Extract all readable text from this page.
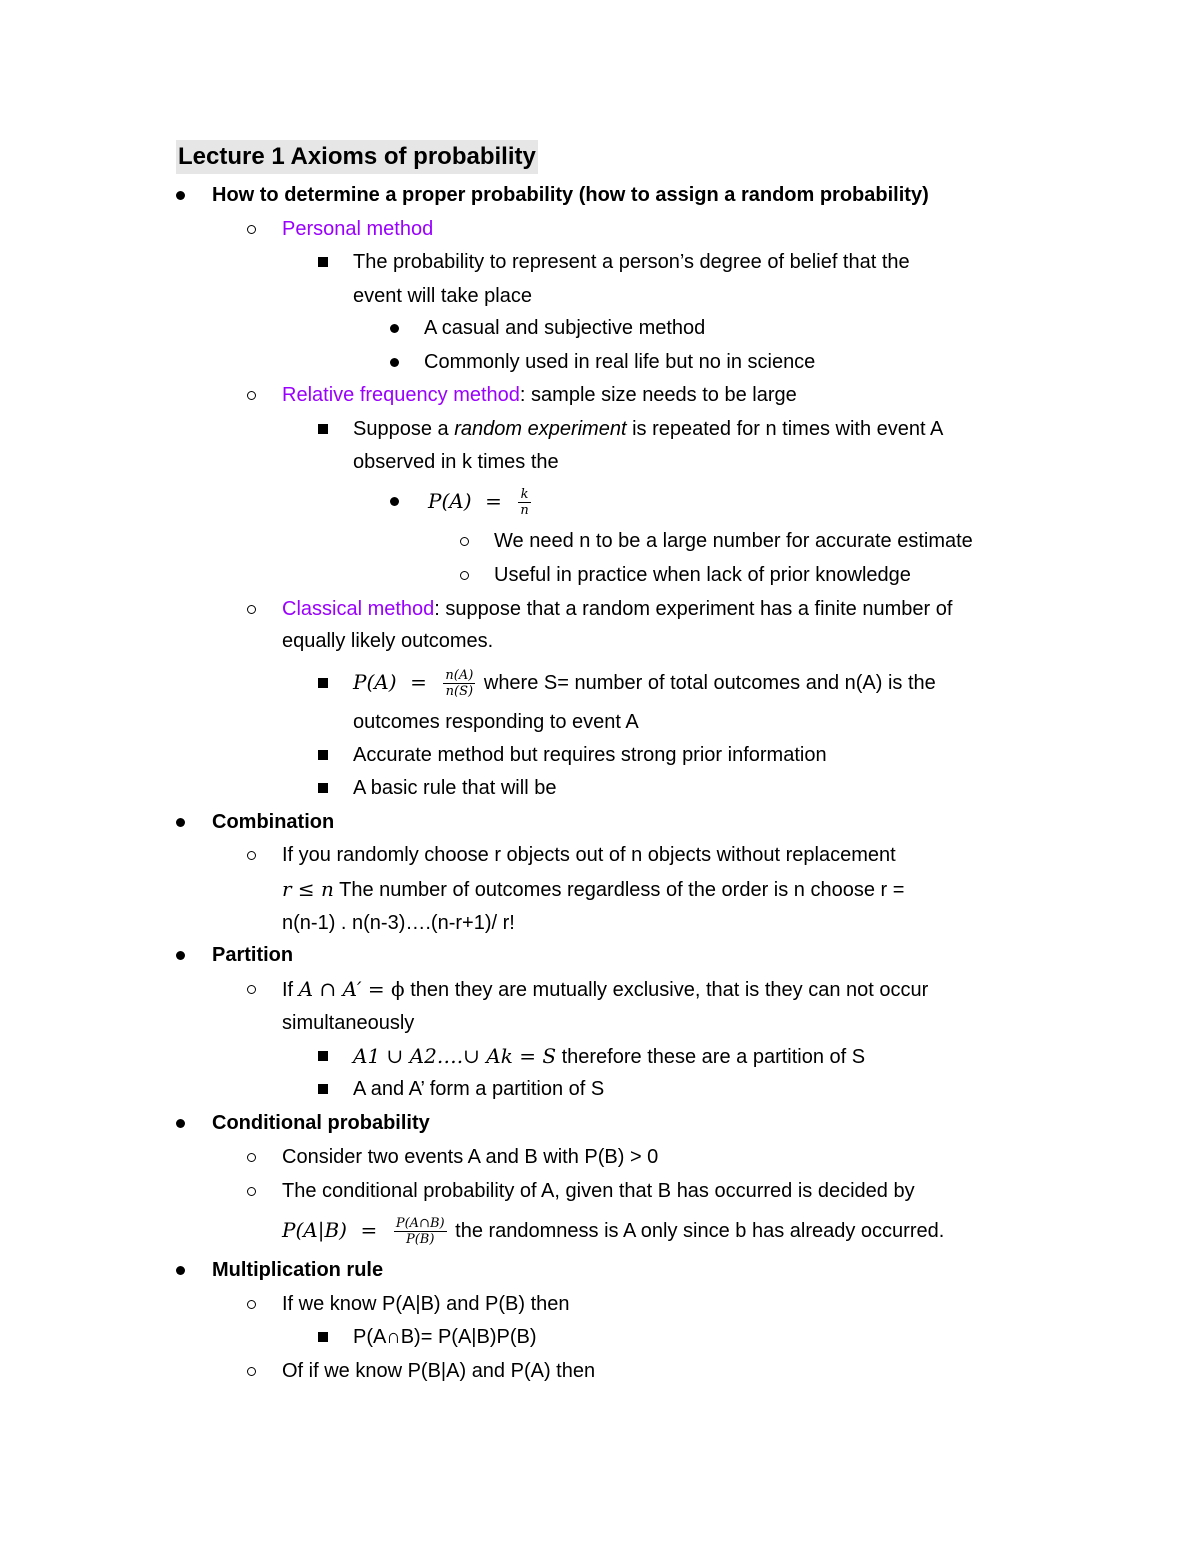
Lecture 1 Axioms of probability
How to determine a proper probability (how to assign a random probability)
Personal method
The probability to represent a person’s degree of belief that the
event will take place
A casual and subjective method
Commonly used in real life but no in science
Relative frequency method: sample size needs to be large
Suppose a random experiment is repeated for n times with event A
observed in k times the
$P(A) = \frac{k}{n}$
We need n to be a large number for accurate estimate
Useful in practice when lack of prior knowledge
Classical method: suppose that a random experiment has a finite number of
equally likely outcomes.
$P(A) = \frac{n(A)}{n(S)}$ where S= number of total outcomes and n(A) is the
outcomes responding to event A
Accurate method but requires strong prior information
A basic rule that will be
Combination
If you randomly choose r objects out of n objects without replacement
r ≤ n The number of outcomes regardless of the order is n choose r =
n(n-1) . n(n-3)….(n-r+1)/ r!
Partition
If A ∩ A′ = ϕ then they are mutually exclusive, that is they can not occur
simultaneously
A1 ∪ A2….∪ Ak = S therefore these are a partition of S
A and A’ form a partition of S
Conditional probability
Consider two events A and B with P(B) > 0
The conditional probability of A, given that B has occurred is decided by
$P(A|B) = \frac{P(A\cap B)}{P(B)}$ the randomness is A only since b has already occurred.
Multiplication rule
If we know P(A|B) and P(B) then
P(A∩B)= P(A|B)P(B)
Of if we know P(B|A) and P(A) then
